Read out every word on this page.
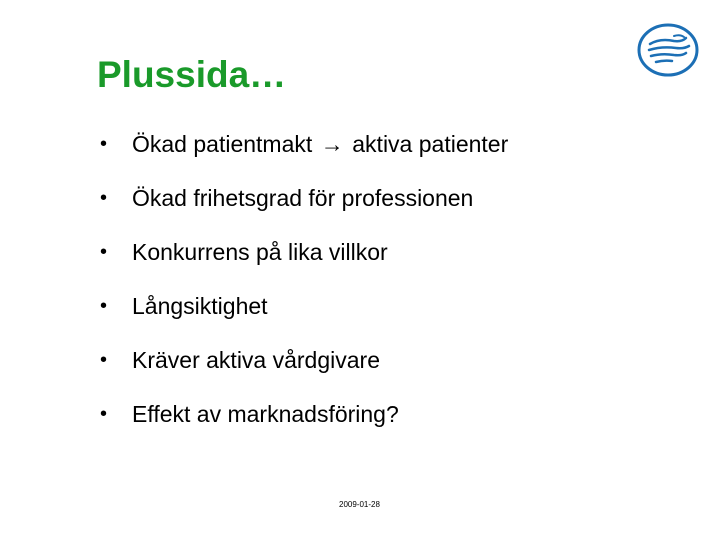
Plussida…
•	Ökad patientmakt → aktiva patienter
•	Ökad frihetsgrad för professionen
•	Konkurrens på lika villkor
•	Långsiktighet
•	Kräver aktiva vårdgivare
•	Effekt av marknadsföring?
2009-01-28
